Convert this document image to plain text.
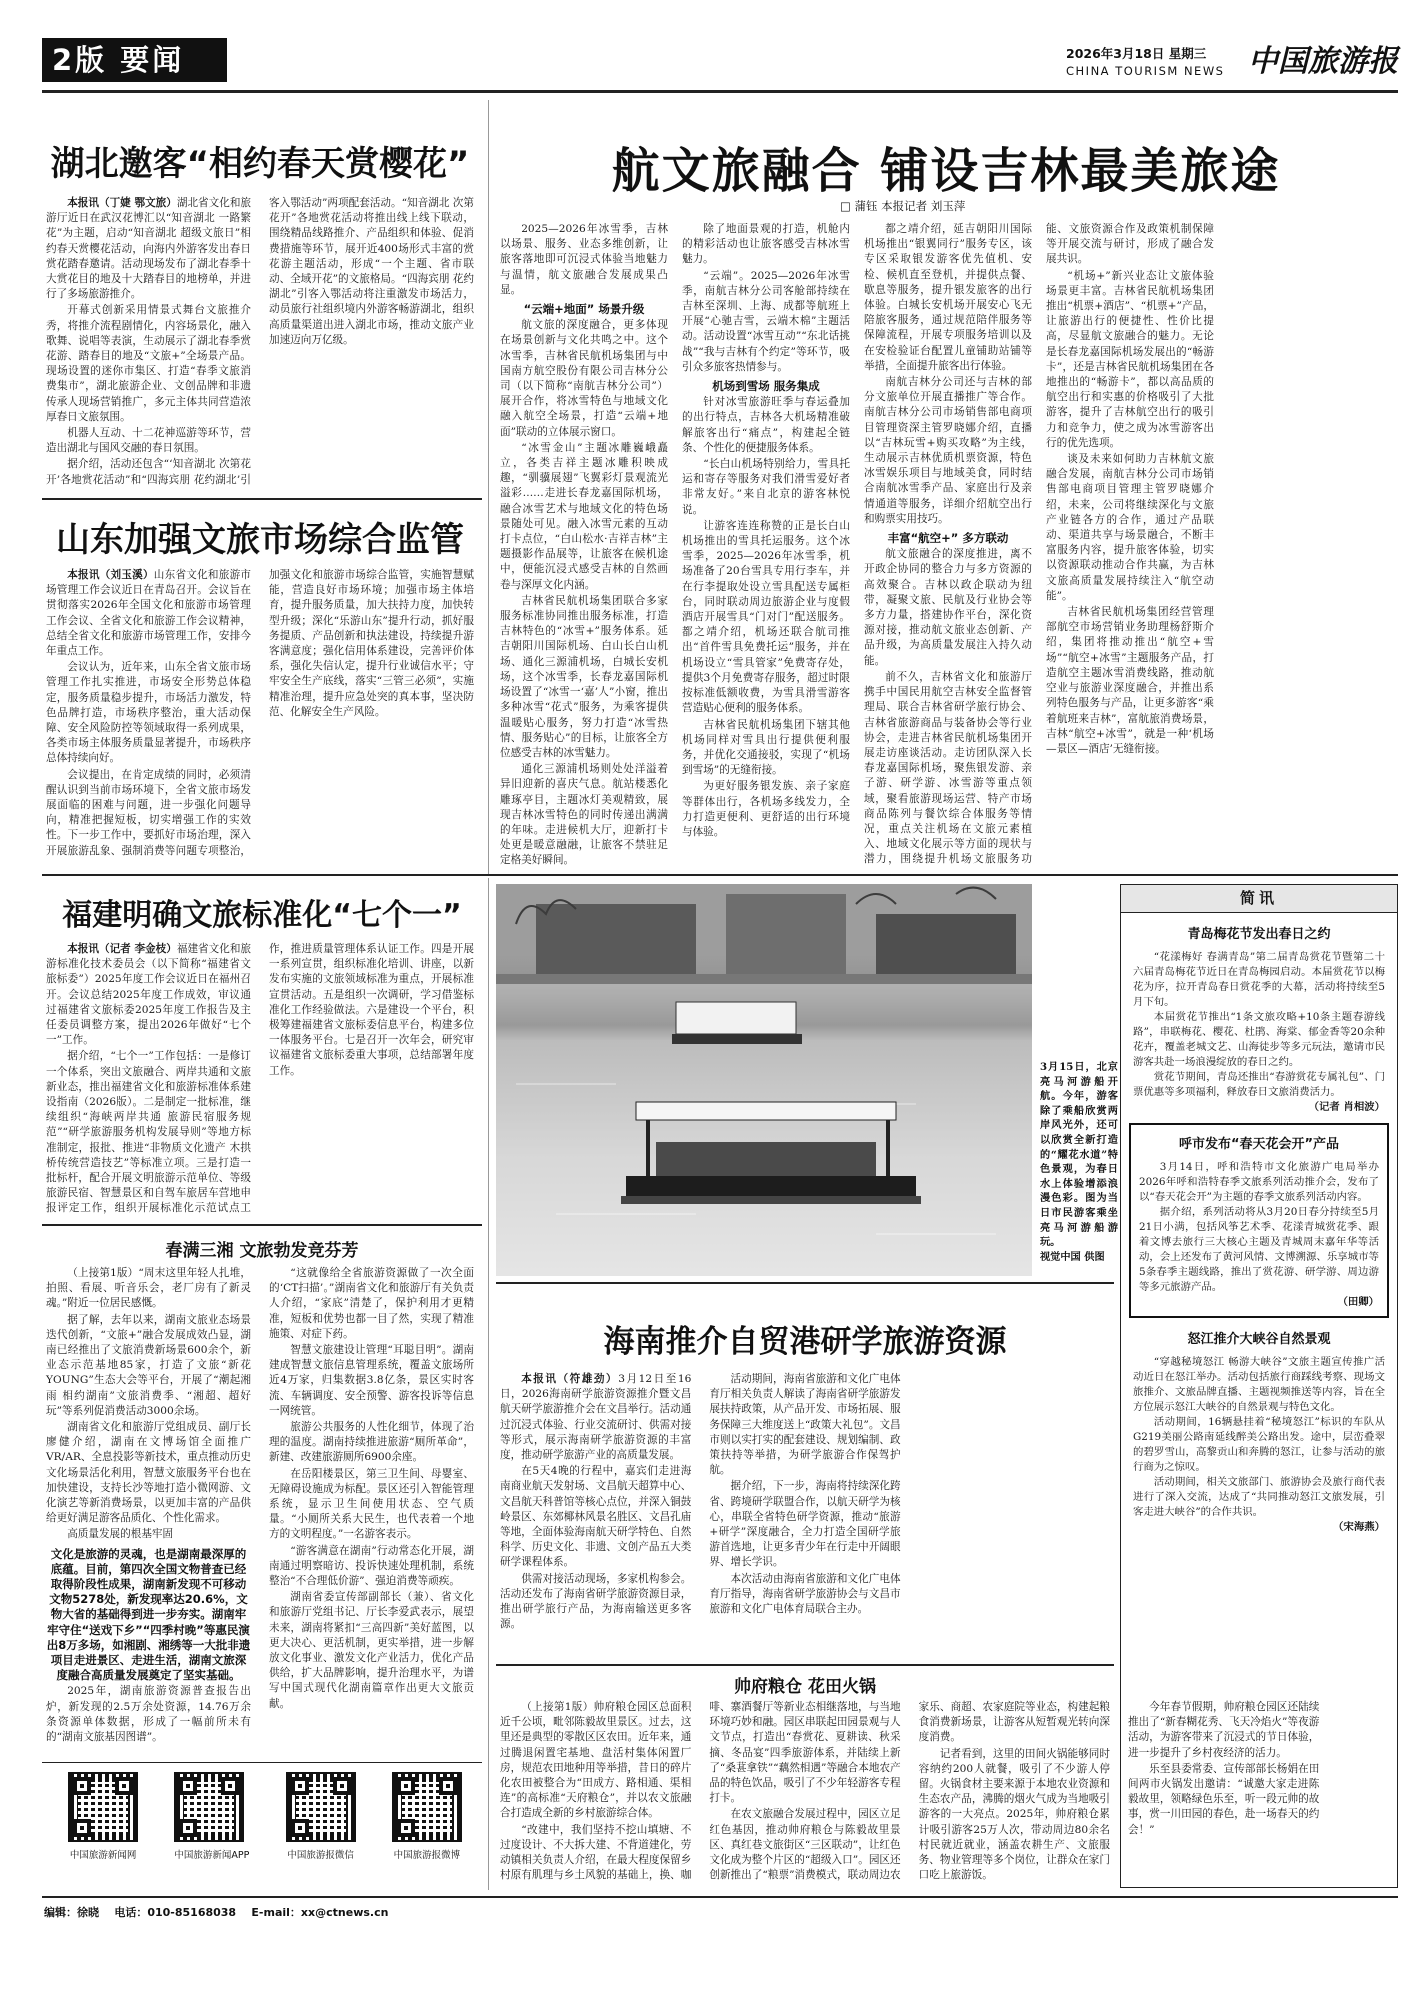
2版 要闻	2026年3月18日 星期三
CHINA TOURISM NEWS 中国旅游报
湖北邀客“相约春天赏樱花”

本报讯（丁婕 鄂文旅）湖北省文化和旅游厅近日在武汉花博汇以“知音湖北 一路繁花”为主题，启动“知音湖北 超级文旅日”相约春天赏樱花活动，向海内外游客发出春日赏花踏春邀请。活动现场发布了湖北春季十大赏花目的地及十大踏春目的地榜单，并进行了多场旅游推介。

开幕式创新采用情景式舞台文旅推介秀，将推介流程剧情化，内容场景化，融入歌舞、说唱等表演，生动展示了湖北春季赏花游、踏春目的地及“文旅+”全场景产品。现场设置的迷你市集区、打造“春季文旅消费集市”，湖北旅游企业、文创品牌和非遗传承人现场营销推广，多元主体共同营造浓厚春日文旅氛围。

机器人互动、十二花神巡游等环节，营造出湖北与国风交融的春日氛围。

据介绍，活动还包含“‘知音湖北 次第花开’各地赏花活动”和“四海宾朋 花约湖北’引客入鄂活动”两项配套活动。“知音湖北 次第花开”各地赏花活动将推出线上线下联动，围绕精品线路推介、产品组织和体验、促消费措施等环节，展开近400场形式丰富的赏花游主题活动，形成“一个主题、省市联动、全域开花”的文旅格局。“四海宾朋 花约湖北”引客入鄂活动将注重激发市场活力，动员旅行社组织境内外游客畅游湖北，组织高质量渠道出进入湖北市场，推动文旅产业加速迈向万亿级。

山东加强文旅市场综合监管

本报讯（刘玉溪）山东省文化和旅游市场管理工作会议近日在青岛召开。会议旨在贯彻落实2026年全国文化和旅游市场管理工作会议、全省文化和旅游工作会议精神，总结全省文化和旅游市场管理工作，安排今年重点工作。

会议认为，近年来，山东全省文旅市场管理工作扎实推进，市场安全形势总体稳定，服务质量稳步提升，市场活力激发，特色品牌打造，市场秩序整治，重大活动保障、安全风险防控等领域取得一系列成果，各类市场主体服务质量显著提升，市场秩序总体持续向好。

会议提出，在肯定成绩的同时，必须清醒认识到当前市场环境下，全省文旅市场发展面临的困难与问题，进一步强化问题导向，精准把握短板，切实增强工作的实效性。下一步工作中，要抓好市场治理，深入开展旅游乱象、强制消费等问题专项整治，加强文化和旅游市场综合监管，实施智慧赋能，营造良好市场环境；加强市场主体培育，提升服务质量，加大扶持力度，加快转型升级；深化“乐游山东”提升行动，抓好服务提质、产品创新和执法建设，持续提升游客满意度；强化信用体系建设，完善评价体系，强化失信认定，提升行业诚信水平；守牢安全生产底线，落实“三管三必须”，实施精准治理，提升应急处突的真本事，坚决防范、化解安全生产风险。

航文旅融合 铺设吉林最美旅途
□ 蒲钰 本报记者 刘玉萍

2025—2026年冰雪季，吉林以场景、服务、业态多维创新，让旅客落地即可沉浸式体验当地魅力与温情，航文旅融合发展成果凸显。

“云端+地面” 场景升级

航文旅的深度融合，更多体现在场景创新与文化共鸣之中。这个冰雪季，吉林省民航机场集团与中国南方航空股份有限公司吉林分公司（以下简称“南航吉林分公司”）展开合作，将冰雪特色与地域文化融入航空全场景，打造“云端+地面”联动的立体展示窗口。

“冰雪金山”主题冰雕巍峨矗立，各类吉祥主题冰雕积映成趣，“驯骥展翅”飞翼彩灯景观流光溢彩……走进长春龙嘉国际机场，融合冰雪艺术与地域文化的特色场景随处可见。融入冰雪元素的互动打卡点位，“白山松水·吉祥吉林”主题摄影作品展等，让旅客在候机途中，便能沉浸式感受吉林的自然画卷与深厚文化内涵。

吉林省民航机场集团联合多家服务标准协同推出服务标准，打造吉林特色的“冰雪+”服务体系。延吉朝阳川国际机场、白山长白山机场、通化三源浦机场，白城长安机场，这个冰雪季，长春龙嘉国际机场设置了“冰雪一‘嘉’人”小窗，推出多种冰雪“花式”服务，为乘客提供温暖贴心服务，努力打造“冰雪热情、服务贴心”的目标，让旅客全方位感受吉林的冰雪魅力。

通化三源浦机场则处处洋溢着异旧迎新的喜庆气息。航站楼悉化雕琢亭目，主题冰灯美观精致，展现吉林冰雪特色的同时传递出满满的年味。走进候机大厅，迎新打卡处更是暖意融融，让旅客不禁驻足定格美好瞬间。

除了地面景观的打造，机舱内的精彩活动也让旅客感受吉林冰雪魅力。

“云端”。2025—2026年冰雪季，南航吉林分公司客舱部持续在吉林至深圳、上海、成都等航班上开展“心驰吉雪，云端木棉”主题活动。活动设置“冰雪互动”“东北话挑战”“我与吉林有个约定”等环节，吸引众多旅客热情参与。

机场到雪场 服务集成

针对冰雪旅游旺季与春运叠加的出行特点，吉林各大机场精准破解旅客出行“痛点”，构建起全链条、个性化的便捷服务体系。

“长白山机场特别给力，雪具托运和寄存等服务对我们滑雪爱好者非常友好。”来自北京的游客林悦说。

让游客连连称赞的正是长白山机场推出的雪具托运服务。这个冰雪季，2025—2026年冰雪季，机场准备了20台雪具专用行李车，并在行李提取处设立雪具配送专属柜台，同时联动周边旅游企业与度假酒店开展雪具“门对门”配送服务。都之靖介绍，机场还联合航司推出“首件雪具免费托运”服务，并在机场设立“雪具管家”免费寄存处，提供3个月免费寄存服务，超过时限按标准低额收费，为雪具滑雪游客营造贴心便利的服务体系。

吉林省民航机场集团下辖其他机场同样对雪具出行提供便利服务，并优化交通接驳，实现了“机场到雪场”的无缝衔接。

为更好服务银发族、亲子家庭等群体出行，各机场多线发力，全力打造更便利、更舒适的出行环境与体验。

都之靖介绍，延吉朝阳川国际机场推出“银翼同行”服务专区，该专区采取银发游客优先值机、安检、候机直至登机，并提供点餐、歇息等服务，提升银发旅客的出行体验。白城长安机场开展安心飞无陪旅客服务，通过规范陪伴服务等保障流程，开展专项服务培训以及在安检验证台配置儿童铺助站铺等举措，全面提升旅客出行体验。

南航吉林分公司还与吉林的部分文旅单位开展直播推广等合作。南航吉林分公司市场销售部电商项目管理资深主管罗晓娜介绍，直播以“吉林玩雪+购买攻略”为主线，生动展示吉林优质机票资源，特色冰雪娱乐项目与地域美食，同时结合南航冰雪季产品、家庭出行及亲情通道等服务，详细介绍航空出行和购票实用技巧。

丰富“航空+” 多方联动

航文旅融合的深度推进，离不开政企协同的整合力与多方资源的高效聚合。吉林以政企联动为纽带，凝聚文旅、民航及行业协会等多方力量，搭建协作平台，深化资源对接，推动航文旅业态创新、产品升级，为高质量发展注入持久动能。

前不久，吉林省文化和旅游厅携手中国民用航空吉林安全监督管理局、联合吉林省研学旅行协会、吉林省旅游商品与装备协会等行业协会，走进吉林省民航机场集团开展走访座谈活动。走访团队深入长春龙嘉国际机场，聚焦银发游、亲子游、研学游、冰雪游等重点领域，聚看旅游现场运营、特产市场商品陈列与餐饮综合体服务等情况，重点关注机场在文旅元素植入、地域文化展示等方面的现状与潜力，围绕提升机场文旅服务功能、文旅资源合作及政策机制保障等开展交流与研讨，形成了融合发展共识。

“机场+”新兴业态让文旅体验场景更丰富。吉林省民航机场集团推出“机票+酒店”、“机票+”产品，让旅游出行的便捷性、性价比提高，尽显航文旅融合的魅力。无论是长春龙嘉国际机场发展出的“畅游卡”，还是吉林省民航机场集团在各地推出的“畅游卡”，都以高品质的航空出行和实惠的价格吸引了大批游客，提升了吉林航空出行的吸引力和竞争力，使之成为冰雪游客出行的优先选项。

谈及未来如何助力吉林航文旅融合发展，南航吉林分公司市场销售部电商项目管理主管罗晓娜介绍，未来，公司将继续深化与文旅产业链各方的合作，通过产品联动、渠道共享与场景融合，不断丰富服务内容，提升旅客体验，切实以资源联动推动合作共赢，为吉林文旅高质量发展持续注入“航空动能”。

吉林省民航机场集团经营管理部航空市场营销业务助理杨舒斯介绍，集团将推动推出“航空+雪场”“航空+冰雪”主题服务产品，打造航空主题冰雪消费线路，推动航空业与旅游业深度融合，并推出系列特色服务与产品，让更多游客“乘着航班来吉林”，富航旅消费场景，吉林“航空+冰雪”，就是一种‘机场—景区—酒店’无缝衔接。

福建明确文旅标准化“七个一”

本报讯（记者 李金枝）福建省文化和旅游标准化技术委员会（以下简称“福建省文旅标委”）2025年度工作会议近日在福州召开。会议总结2025年度工作成效，审议通过福建省文旅标委2025年度工作报告及主任委员调整方案，提出2026年做好“七个一”工作。

据介绍，“七个一”工作包括：一是修订一个体系，突出文旅融合、两岸共通和文旅新业态，推出福建省文化和旅游标准体系建设指南（2026版）。二是制定一批标准，继续组织“海峡两岸共通 旅游民宿服务规范”“研学旅游服务机构发展导则”等地方标准制定，报批、推进“非物质文化遗产 木拱桥传统营造技艺”等标准立项。三是打造一批标杆，配合开展文明旅游示范单位、等级旅游民宿、智慧景区和自驾车旅居车营地申报评定工作，组织开展标准化示范试点工作，推进质量管理体系认证工作。四是开展一系列宣贯，组织标准化培训、讲座，以新发布实施的文旅领域标准为重点，开展标准宣贯活动。五是组织一次调研，学习借鉴标准化工作经验做法。六是建设一个平台，积极筹建福建省文旅标委信息平台，构建多位一体服务平台。七是召开一次年会，研究审议福建省文旅标委重大事项，总结部署年度工作。

春满三湘 文旅勃发竞芬芳

（上接第1版）“周末这里年轻人扎堆，拍照、看展、听音乐会，老厂房有了新灵魂。”附近一位居民感慨。

据了解，去年以来，湖南文旅业态场景迭代创新，“文旅+”融合发展成效凸显，湖南已经推出了文旅消费新场景600余个，新业态示范基地85家，打造了文旅“新花YOUNG”生态大会等平台，开展了“潮起湘雨 相约湖南”文旅消费季、“湘超、超好玩”等系列促消费活动3000余场。

湖南省文化和旅游厅党组成员、副厅长廖健介绍，湖南在文博场馆全面推广VR/AR、全息投影等新技术，重点推动历史文化场景活化利用，智慧文旅服务平台也在加快建设，支持长沙等地打造小微网游、文化演艺等新消费场景，以更加丰富的产品供给更好满足游客品质化、个性化需求。

高质量发展的根基牢固

文化是旅游的灵魂，也是湖南最深厚的底蕴。目前，第四次全国文物普查已经取得阶段性成果，湖南新发现不可移动文物5278处，新发现率达20.6%，文物大省的基础得到进一步夯实。湖南牢牢守住“送戏下乡”“四季村晚”等惠民演出8万多场，如湘剧、湘绣等一大批非遗项目走进景区、走进生活，湖南文旅深度融合高质量发展奠定了坚实基础。

2025年，湖南旅游资源普查报告出炉，新发现的2.5万余处资源，14.76万余条资源单体数据，形成了一幅前所未有的“湖南文旅基因图谱”。

“这就像给全省旅游资源做了一次全面的‘CT扫描’。”湖南省文化和旅游厅有关负责人介绍，“家底”清楚了，保护利用才更精准，短板和优势也都一目了然，实现了精准施策、对症下药。

智慧文旅建设让管理“耳聪目明”。湖南建成智慧文旅信息管理系统，覆盖文旅场所近4万家，归集数据3.8亿条，景区实时客流、车辆调度、安全预警、游客投诉等信息一网统管。

旅游公共服务的人性化细节，体现了治理的温度。湖南持续推进旅游“厕所革命”，新建、改建旅游厕所6900余座。

在岳阳楼景区，第三卫生间、母婴室、无障碍设施成为标配。景区还引入智能管理系统，显示卫生间使用状态、空气质量。“小厕所关系大民生，也代表着一个地方的文明程度。”一名游客表示。

“游客满意在湖南”行动常态化开展，湖南通过明察暗访、投诉快速处理机制，系统整治“不合理低价游”、强迫消费等顽疾。

湖南省委宣传部副部长（兼）、省文化和旅游厅党组书记、厅长李爱武表示，展望未来，湖南将紧扣“三高四新”美好蓝图，以更大决心、更活机制，更实举措，进一步解放文化事业、激发文化产业活力，优化产品供给，扩大品牌影响，提升治理水平，为谱写中国式现代化湖南篇章作出更大文旅贡献。

中国旅游新闻网	中国旅游新闻APP	中国旅游报微信	中国旅游报微博
3月15日，北京亮马河游船开航。今年，游客除了乘船欣赏两岸风光外，还可以欣赏全新打造的“耀花水道”特色景观，为春日水上体验增添浪漫色彩。图为当日市民游客乘坐亮马河游船游玩。
视觉中国 供图
海南推介自贸港研学旅游资源

本报讯（符雄劲）3月12日至16日，2026海南研学旅游资源推介暨文昌航天研学旅游推介会在文昌举行。活动通过沉浸式体验、行业交流研讨、供需对接等形式，展示海南研学旅游资源的丰富度，推动研学旅游产业的高质量发展。

在5天4晚的行程中，嘉宾们走进海南商业航天发射场、文昌航天超算中心、文昌航天科普馆等核心点位，并深入铜鼓岭景区、东郊椰林风景名胜区、文昌孔庙等地，全面体验海南航天研学特色、自然科学、历史文化、非遗、文创产品五大类研学课程体系。

供需对接活动现场，多家机构参会。活动还发布了海南省研学旅游资源目录，推出研学旅行产品，为海南输送更多客源。

活动期间，海南省旅游和文化广电体育厅相关负责人解读了海南省研学旅游发展扶持政策，从产品开发、市场拓展、服务保障三大维度送上“政策大礼包”。文昌市则以实打实的配套建设、规划编制、政策扶持等举措，为研学旅游合作保驾护航。

据介绍，下一步，海南将持续深化跨省、跨境研学联盟合作，以航天研学为核心，串联全省特色研学资源，推动“旅游+研学”深度融合，全力打造全国研学旅游首选地，让更多青少年在行走中开阔眼界、增长学识。

本次活动由海南省旅游和文化广电体育厅指导，海南省研学旅游协会与文昌市旅游和文化广电体育局联合主办。

帅府粮仓 花田火锅

（上接第1版）帅府粮仓园区总面积近千公顷，毗邻陈毅故里景区。过去，这里还是典型的零散区区农田。近年来，通过腾退闲置宅基地、盘活村集体闲置厂房，规范农田地种用等举措，昔日的碎片化农田被整合为“田成方、路相通、渠相连”的高标准“天府粮仓”，并以农文旅融合打造成全新的乡村旅游综合体。

“改建中，我们坚持不挖山填塘、不过度设计、不大拆大建、不背道建化，劳动镇相关负责人介绍，在最大程度保留乡村原有肌理与乡土风貌的基础上，换、咖啡、寨酒餐厅等新业态相继落地，与当地环境巧妙和融。园区串联起田园景观与人文节点，打造出“春赏花、夏耕读、秋采摘、冬品宴”四季旅游体系，并陆续上新了“桑葚拿铁”“藕然相遇”等融合本地农产品的特色饮品，吸引了不少年轻游客专程打卡。

在农文旅融合发展过程中，园区立足红色基因，推动帅府粮仓与陈毅故里景区、真红巷文旅街区“三区联动”，让红色文化成为整个片区的“超级入口”。园区还创新推出了“粮票”消费模式，联动周边农家乐、商超、农家庭院等业态，构建起粮食消费新场景，让游客从短暂观光转向深度消费。

记者看到，这里的田间火锅能够同时容纳约200人就餐，吸引了不少游人停留。火锅食材主要来源于本地农业资源和生态农产品，沸腾的烟火气成为当地吸引游客的一大亮点。2025年，帅府粮仓累计吸引游客25万人次，带动周边80余名村民就近就业，涵盖农耕生产、文旅服务、物业管理等多个岗位，让群众在家门口吃上旅游饭。

今年春节假期，帅府粮仓园区还陆续推出了“新春糊花秀、飞天冷焰火”等夜游活动，为游客带来了沉浸式的节日体验，进一步提升了乡村夜经济的活力。

乐至县委常委、宣传部部长杨娟在田间两市火锅发出邀请：“诚邀大家走进陈毅故里，领略绿色乐至，听一段元帅的故事，赏一川田园的春色，赴一场春天的约会！”

简讯
青岛梅花节发出春日之约

“花漾梅好 春满青岛”第二届青岛赏花节暨第二十六届青岛梅花节近日在青岛梅园启动。本届赏花节以梅花为序，拉开青岛春日赏花季的大幕，活动将持续至5月下旬。

本届赏花节推出“1条文旅攻略+10条主题春游线路”，串联梅花、樱花、杜鹃、海棠、郁金香等20余种花卉，覆盖老城文艺、山海徒步等多元玩法，邀请市民游客共赴一场浪漫绽放的春日之约。

赏花节期间，青岛还推出“春游赏花专属礼包”、门票优惠等多项福利，释放春日文旅消费活力。

（记者 肖相波）
呼市发布“春天花会开”产品

3月14日，呼和浩特市文化旅游广电局举办2026年呼和浩特春季文旅系列活动推介会，发布了以“春天花会开”为主题的春季文旅系列活动内容。

据介绍，系列活动将从3月20日春分持续至5月21日小满，包括风筝艺术季、花漾青城赏花季、跟着文博去旅行三大核心主题及青城周末嘉年华等活动，会上还发布了黄河风情、文博溯源、乐享城市等5条春季主题线路，推出了赏花游、研学游、周边游等多元旅游产品。

（田卿）
怒江推介大峡谷自然景观

“穿越秘境怒江 畅游大峡谷”文旅主题宣传推广活动近日在怒江举办。活动包括旅行商踩线考察、现场文旅推介、文旅品牌直播、主题视频推送等内容，旨在全方位展示怒江大峡谷的自然景观与特色文化。

活动期间，16辆悬挂着“秘境怒江”标识的车队从G219美丽公路南延线醉美公路出发。途中，层峦叠翠的碧罗雪山，高黎贡山和奔腾的怒江，让参与活动的旅行商为之惊叹。

活动期间，相关文旅部门、旅游协会及旅行商代表进行了深入交流，达成了“共同推动怒江文旅发展，引客走进大峡谷”的合作共识。

（宋海燕）
编辑：徐晓 电话：010-85168038 E-mail：xx@ctnews.cn
